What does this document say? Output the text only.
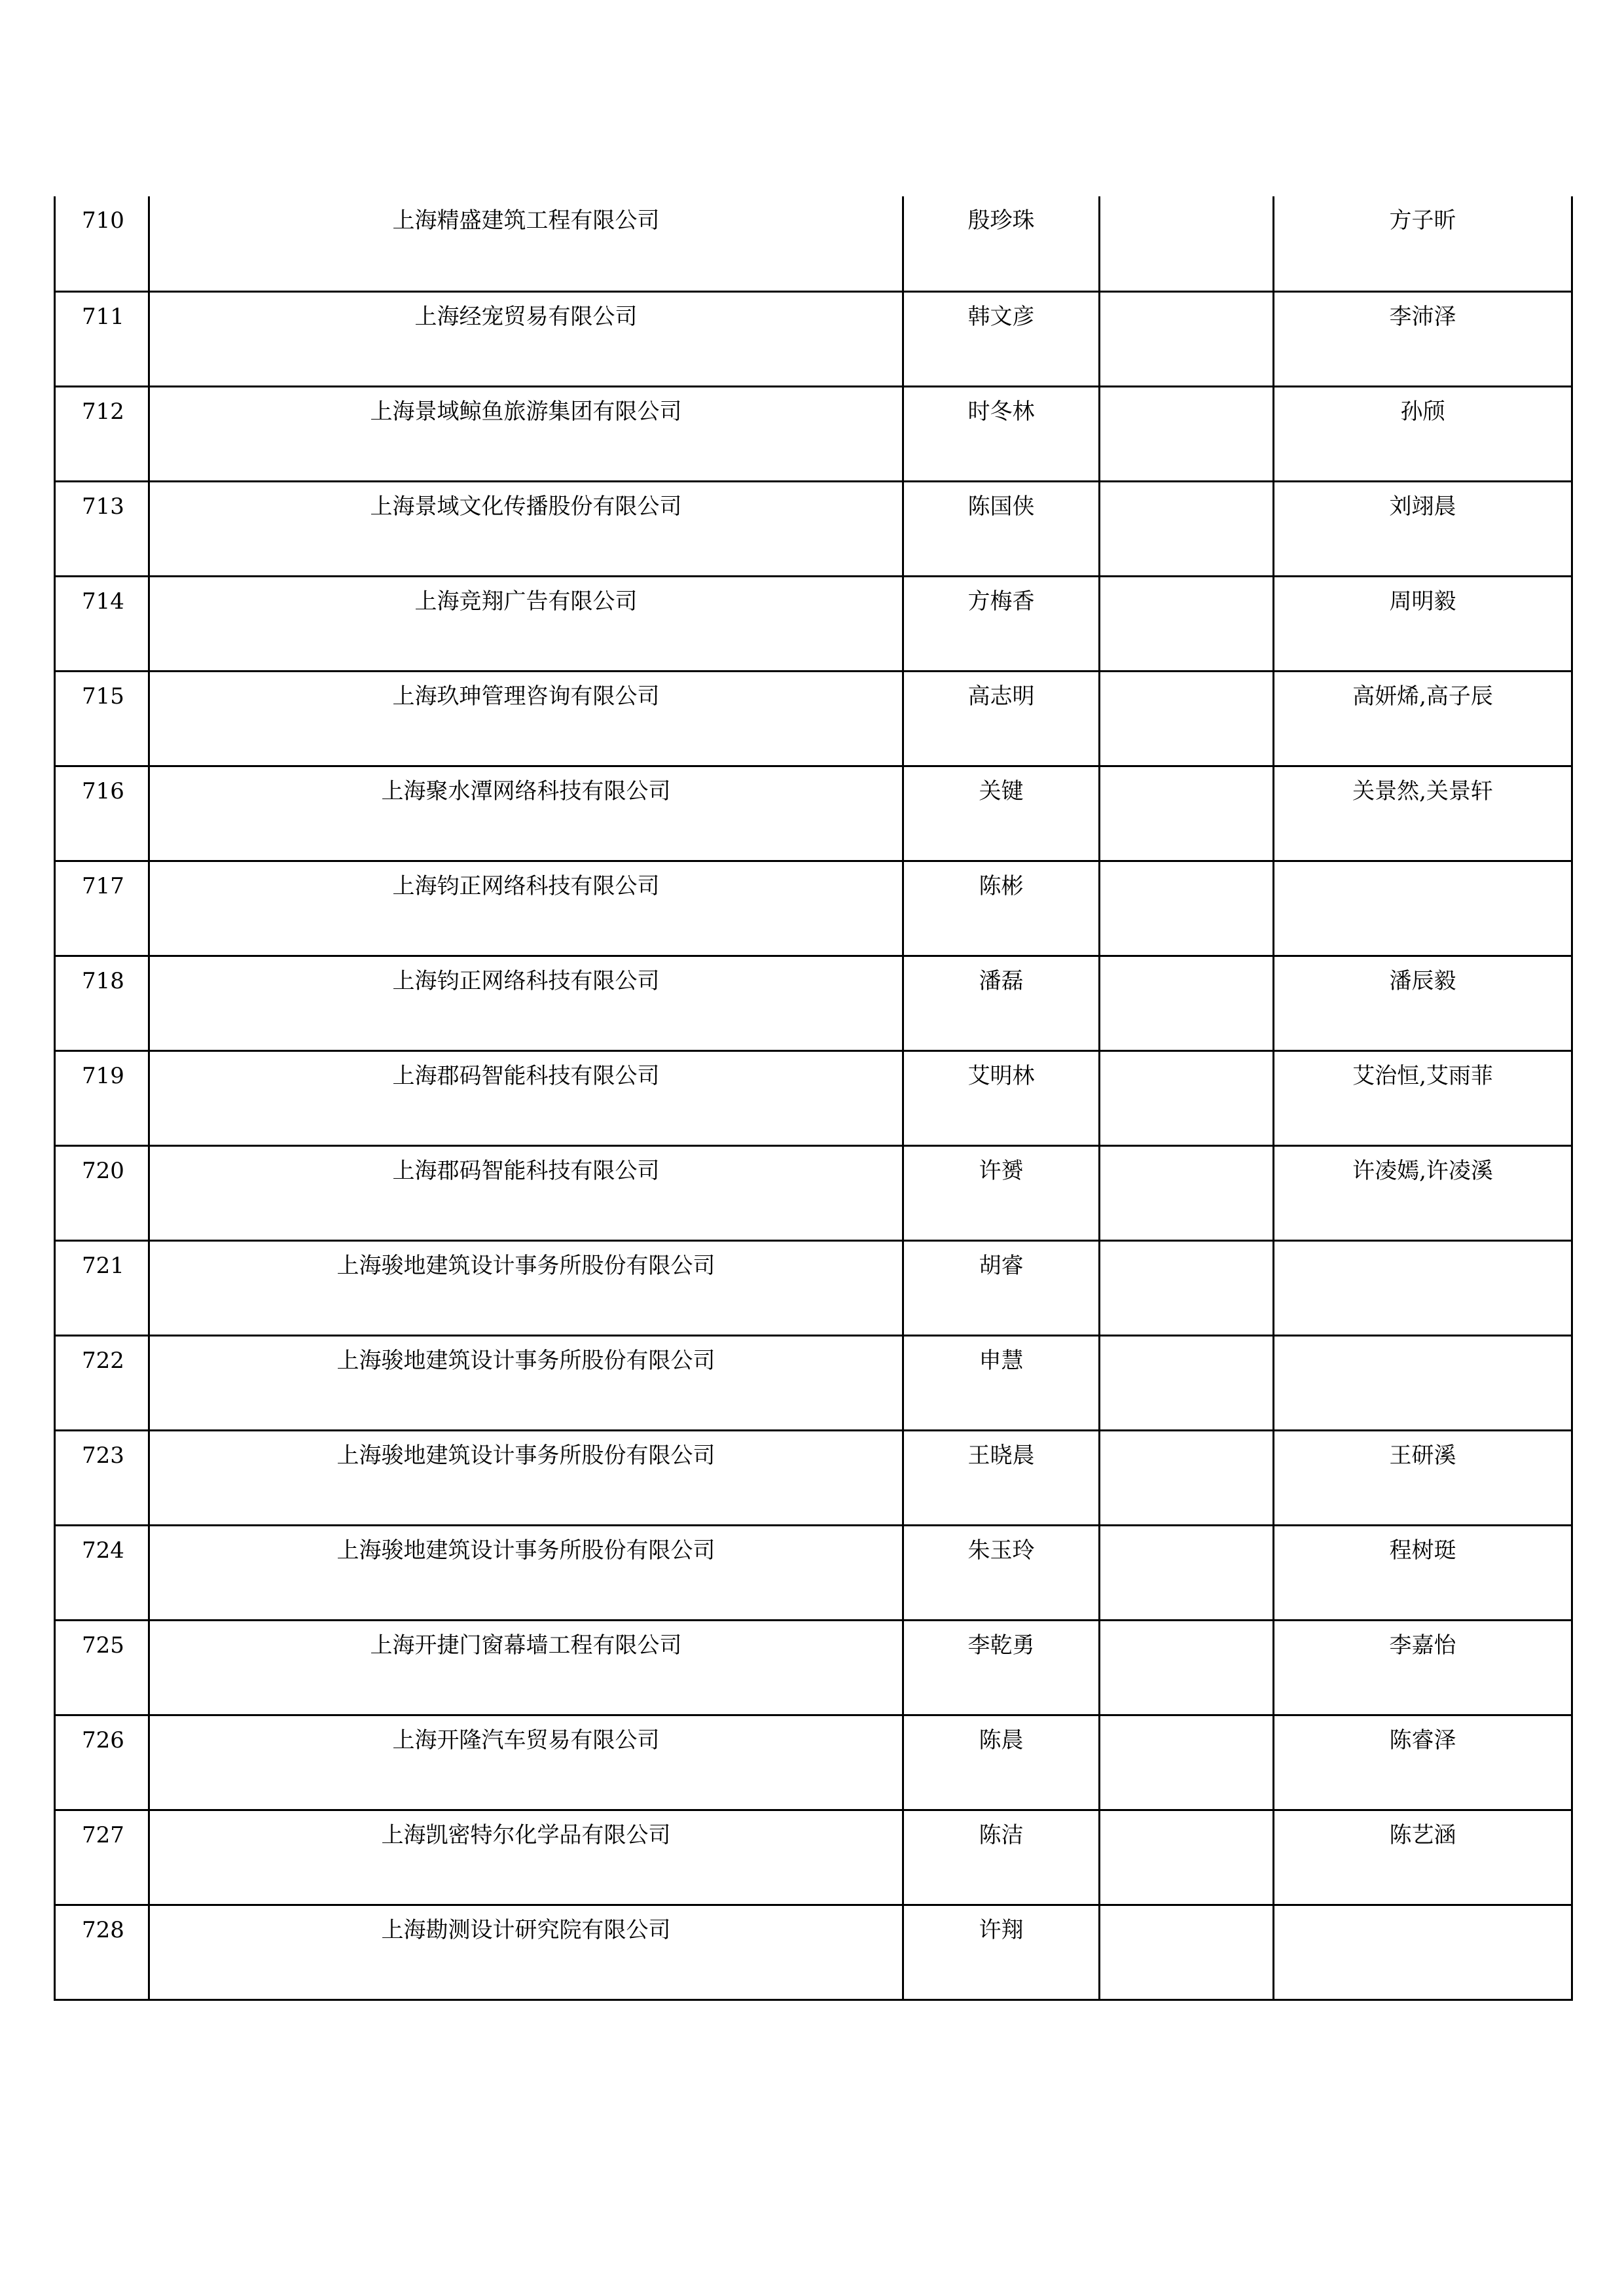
710	上海精盛建筑工程有限公司	殷珍珠		方子昕

711	上海经宠贸易有限公司	韩文彦		李沛泽

712	上海景域鲸鱼旅游集团有限公司	时冬林		孙颀

713	上海景域文化传播股份有限公司	陈国侠		刘翊晨

714	上海竞翔广告有限公司	方梅香		周明毅

715	上海玖珅管理咨询有限公司	高志明		高妍烯,高子辰

716	上海聚水潭网络科技有限公司	关键		关景然,关景轩

717	上海钧正网络科技有限公司	陈彬		

718	上海钧正网络科技有限公司	潘磊		潘辰毅

719	上海郡码智能科技有限公司	艾明林		艾治恒,艾雨菲

720	上海郡码智能科技有限公司	许赟		许凌嫣,许凌溪

721	上海骏地建筑设计事务所股份有限公司	胡睿		

722	上海骏地建筑设计事务所股份有限公司	申慧		

723	上海骏地建筑设计事务所股份有限公司	王晓晨		王研溪

724	上海骏地建筑设计事务所股份有限公司	朱玉玲		程树珽

725	上海开捷门窗幕墙工程有限公司	李乾勇		李嘉怡

726	上海开隆汽车贸易有限公司	陈晨		陈睿泽

727	上海凯密特尔化学品有限公司	陈洁		陈艺涵

728	上海勘测设计研究院有限公司	许翔		
